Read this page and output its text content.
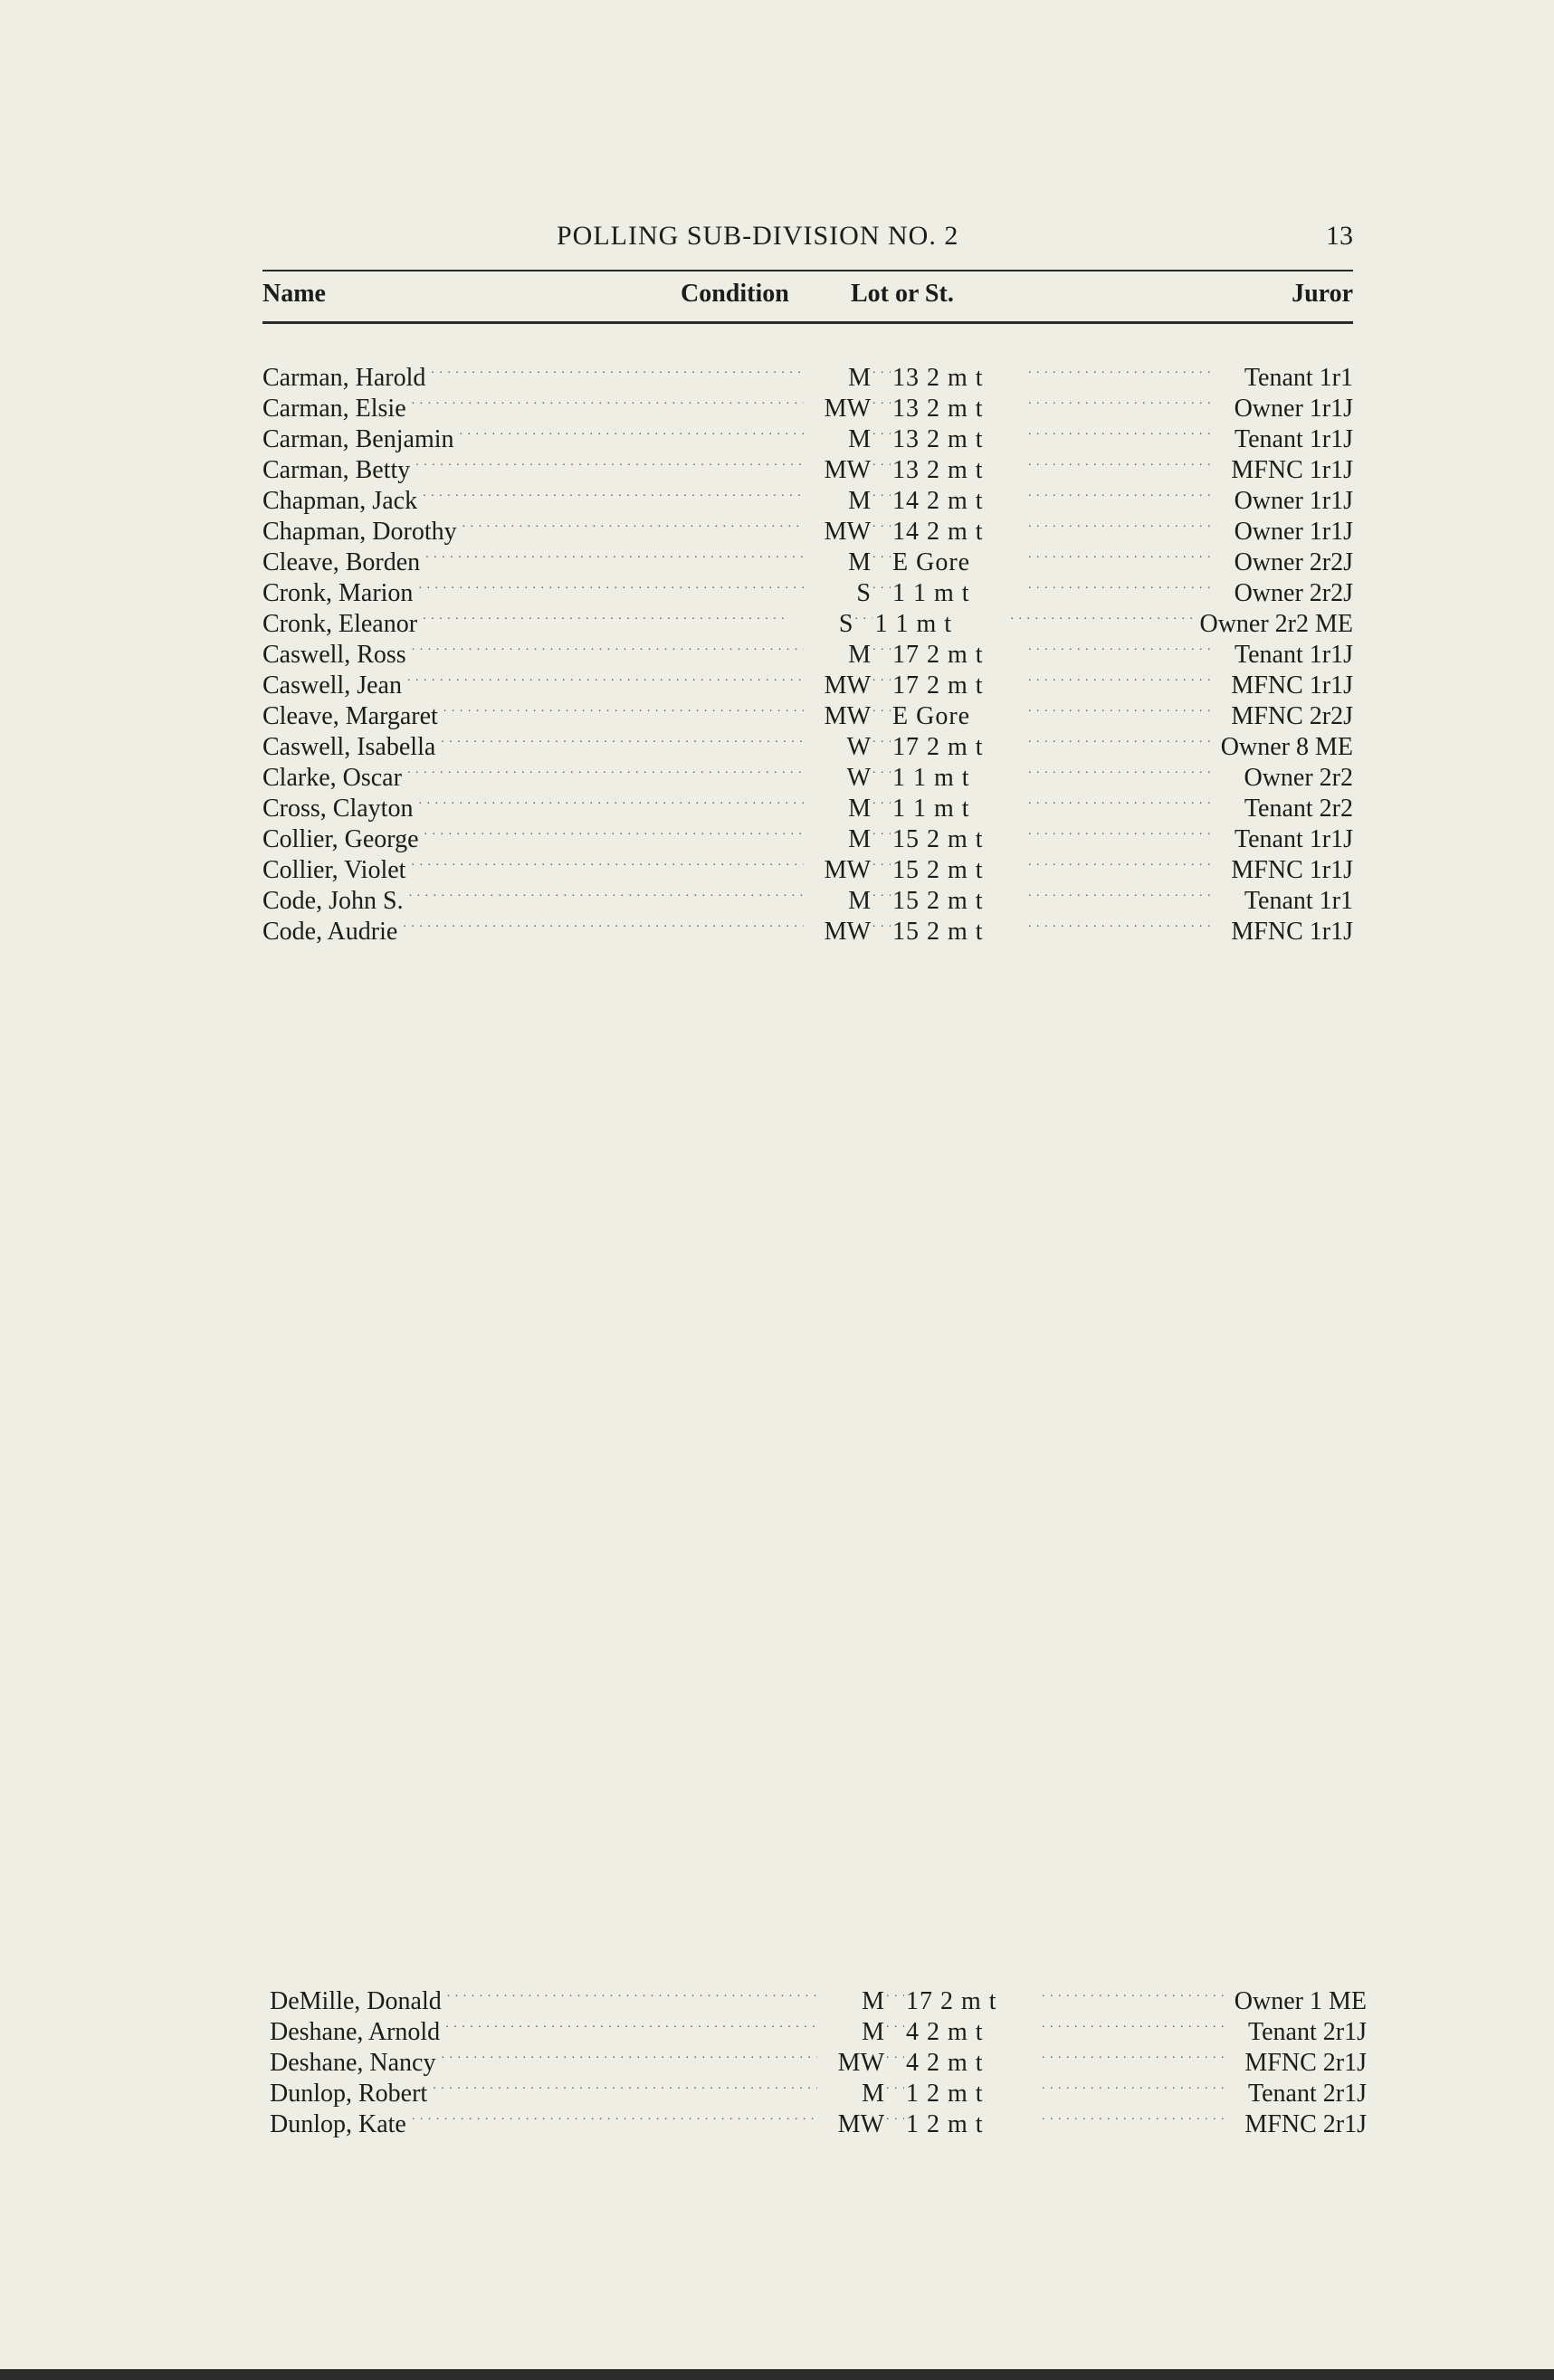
POLLING SUB-DIVISION NO. 2	13
Name	Condition Lot or St.	Juror
Carman, Harold . . .	M . . . 13 2 m t . . .	Tenant 1r1
Carman, Elsie . . .	MW . . . 13 2 m t . . .	Owner 1r1J
Carman, Benjamin . . .	M . . . 13 2 m t . . .	Tenant 1r1J
Carman, Betty . . .	MW . . . 13 2 m t . . .	MFNC 1r1J
Chapman, Jack . . .	M . . . 14 2 m t . . .	Owner 1r1J
Chapman, Dorothy . . .	MW . . . 14 2 m t . . .	Owner 1r1J
Cleave, Borden . . .	M . . . E Gore . . .	Owner 2r2J
Cronk, Marion . . .	S . . . 1 1 m t . . .	Owner 2r2J
Cronk, Eleanor . . .	S . . . 1 1 m t . . .	Owner 2r2 ME
Caswell, Ross . . .	M . . . 17 2 m t . . .	Tenant 1r1J
Caswell, Jean . . .	MW . . . 17 2 m t . . .	MFNC 1r1J
Cleave, Margaret . . .	MW . . . E Gore . . .	MFNC 2r2J
Caswell, Isabella . . .	W . . . 17 2 m t . . .	Owner 8 ME
Clarke, Oscar . . .	W . . . 1 1 m t . . .	Owner 2r2
Cross, Clayton . . .	M . . . 1 1 m t . . .	Tenant 2r2
Collier, George . . .	M . . . 15 2 m t . . .	Tenant 1r1J
Collier, Violet . . .	MW . . . 15 2 m t . . .	MFNC 1r1J
Code, John S. . . .	M . . . 15 2 m t . . .	Tenant 1r1
Code, Audrie . . .	MW . . . 15 2 m t . . .	MFNC 1r1J
DeMille, Donald . . .	M . . . 17 2 m t . . .	Owner 1 ME
Deshane, Arnold . . .	M . . . 4 2 m t . . .	Tenant 2r1J
Deshane, Nancy . . .	MW . . . 4 2 m t . . .	MFNC 2r1J
Dunlop, Robert . . .	M . . . 1 2 m t . . .	Tenant 2r1J
Dunlop, Kate . . .	MW . . . 1 2 m t . . .	MFNC 2r1J
